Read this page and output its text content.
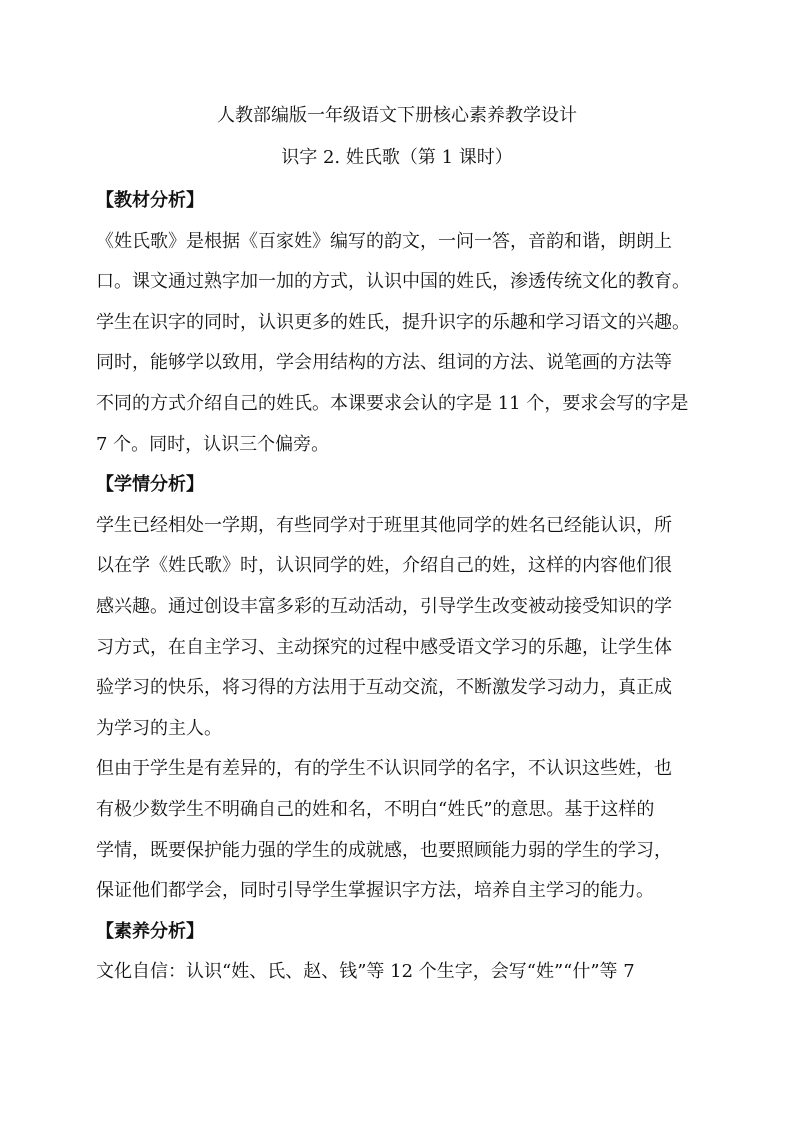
人教部编版一年级语文下册核心素养教学设计
识字 2. 姓氏歌（第 1 课时）
【教材分析】
《姓氏歌》是根据《百家姓》编写的韵文，一问一答，音韵和谐，朗朗上
口。课文通过熟字加一加的方式，认识中国的姓氏，渗透传统文化的教育。
学生在识字的同时，认识更多的姓氏，提升识字的乐趣和学习语文的兴趣。
同时，能够学以致用，学会用结构的方法、组词的方法、说笔画的方法等
不同的方式介绍自己的姓氏。本课要求会认的字是 11 个，要求会写的字是
7 个。同时，认识三个偏旁。
【学情分析】
学生已经相处一学期，有些同学对于班里其他同学的姓名已经能认识，所
以在学《姓氏歌》时，认识同学的姓，介绍自己的姓，这样的内容他们很
感兴趣。通过创设丰富多彩的互动活动，引导学生改变被动接受知识的学
习方式，在自主学习、主动探究的过程中感受语文学习的乐趣，让学生体
验学习的快乐，将习得的方法用于互动交流，不断激发学习动力，真正成
为学习的主人。
但由于学生是有差异的，有的学生不认识同学的名字，不认识这些姓，也
有极少数学生不明确自己的姓和名，不明白“姓氏”的意思。基于这样的
学情，既要保护能力强的学生的成就感，也要照顾能力弱的学生的学习，
保证他们都学会，同时引导学生掌握识字方法，培养自主学习的能力。
【素养分析】
文化自信：认识“姓、氏、赵、钱”等 12 个生字，会写“姓”“什”等 7
